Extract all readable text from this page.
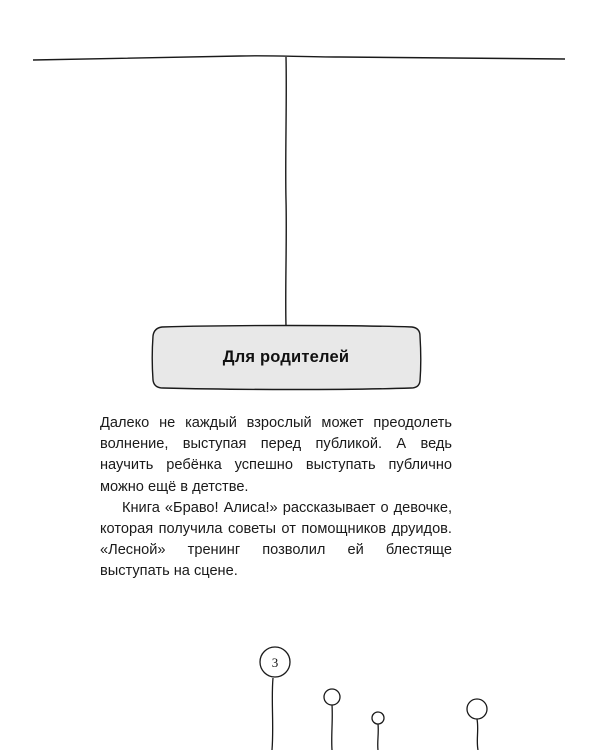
Для родителей

Далеко не каждый взрослый может преодолеть волнение, выступая перед публикой. А ведь научить ребёнка успешно выступать публично можно ещё в детстве.

Книга «Браво! Алиса!» рассказывает о девочке, которая получила советы от помощников друидов. «Лесной» тренинг позволил ей блестяще выступать на сцене.

3
